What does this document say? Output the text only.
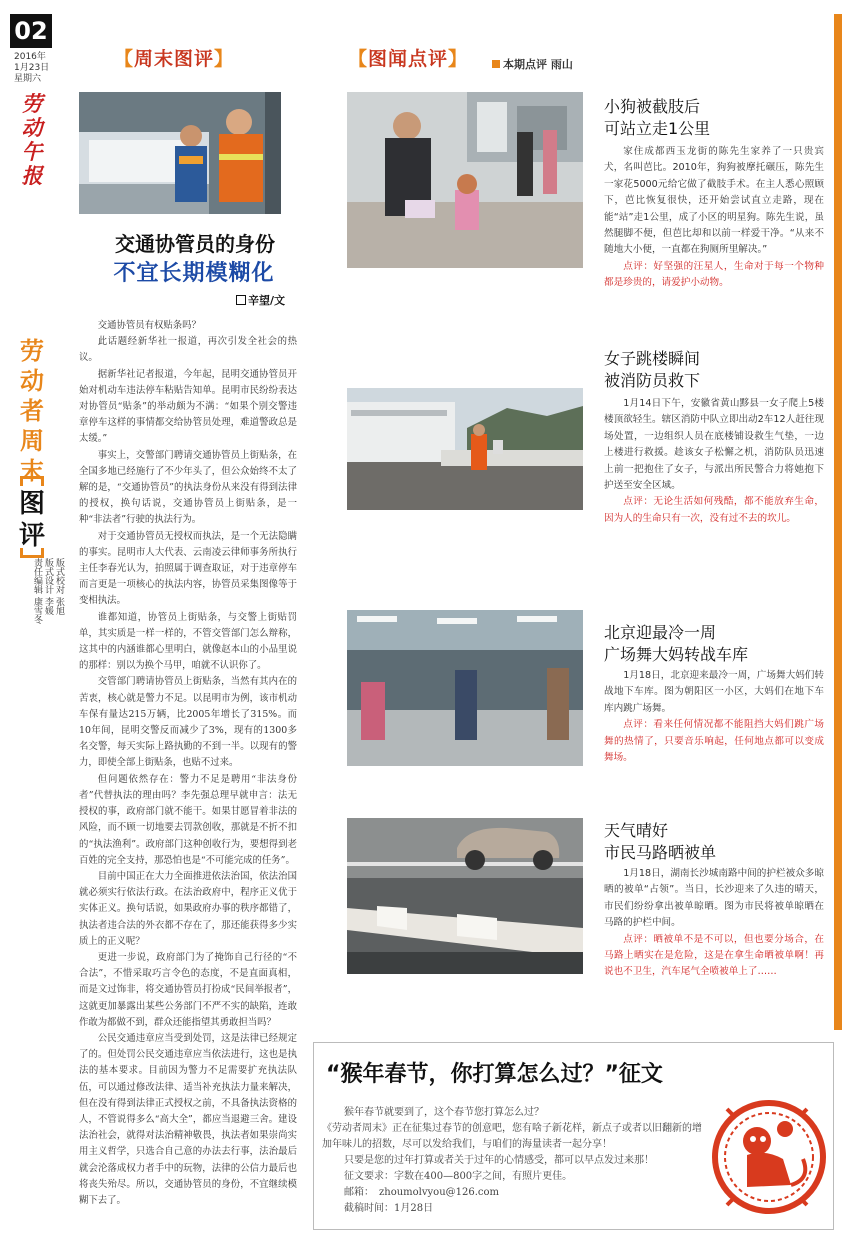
02
2016年
1月23日
星期六
劳
动
午
报
劳
动
者
周
末
图
评
版式校对 张旭
版式设计 李媛
责任编辑 康雪冬
【周末图评】
交通协管员的身份
不宜长期模糊化
辛望/文

交通协管员有权贴条吗？

此话题经新华社一报道，再次引发全社会的热议。

据新华社记者报道，今年起，昆明交通协管员开始对机动车违法停车粘贴告知单。昆明市民纷纷表达对协管员“贴条”的举动颇为不满：“如果个别交警违章停车这样的事情都交给协管员处理，难道警政总是太缓。”

事实上，交警部门聘请交通协管员上街贴条，在全国多地已经施行了不少年头了，但公众始终不太了解的是，“交通协管员”的执法身份从来没有得到法律的授权，换句话说，交通协管员上街贴条，是一种“非法者”行驶的执法行为。

对于交通协管员无授权而执法，是一个无法隐瞒的事实。昆明市人大代表、云南凌云律师事务所执行主任李春光认为，拍照属于调查取证，对于违章停车而言更是一项核心的执法内容，协管员采集图像等于变相执法。

谁都知道，协管员上街贴条，与交警上街贴罚单，其实质是一样一样的，不管交管部门怎么辩称，这其中的内涵谁都心里明白，就像赵本山的小品里说的那样：别以为换个马甲，咱就不认识你了。

交管部门聘请协管员上街贴条，当然有其内在的苦衷，核心就是警力不足。以昆明市为例，该市机动车保有量达215万辆，比2005年增长了315%。而10年间，昆明交警反而减少了3%，现有的1300多名交警，每天实际上路执勤的不到一半。以现有的警力，即使全部上街贴条，也贴不过来。

但问题依然存在：警力不足是聘用“非法身份者”代替执法的理由吗？李先强总理早就申言：法无授权的事，政府部门就不能干。如果甘愿冒着非法的风险，而不顾一切地要去罚款创收，那就是不折不扣的“执法渔利”。政府部门这种创收行为，要想得到老百姓的完全支持，那恐怕也是“不可能完成的任务”。

目前中国正在大力全面推进依法治国，依法治国就必须实行依法行政。在法治政府中，程序正义优于实体正义。换句话说，如果政府办事的秩序都错了，执法者违合法的外衣都不存在了，那还能获得多少实质上的正义呢？

更进一步说，政府部门为了掩饰自己行径的“不合法”，不惜采取巧言令色的态度，不是直面真相，而是文过饰非，将交通协管员打扮成“民间举报者”，这就更加暴露出某些公务部门不严不实的缺陷，连敢作敢为都做不到，群众还能指望其勇敢担当吗？

公民交通违章应当受到处罚，这是法律已经规定了的。但处罚公民交通违章应当依法进行，这也是执法的基本要求。目前因为警力不足需要扩充执法队伍，可以通过修改法律、适当补充执法力量来解决，但在没有得到法律正式授权之前，不具备执法资格的人，不管说得多么“高大全”，都应当退避三舍。建设法治社会，就得对法治精神敬畏，执法者如果崇尚实用主义哲学，只选合自己意的办法去行事，法治最后就会沦落成权力者手中的玩物，法律的公信力最后也将丧失殆尽。所以，交通协管员的身份，不宜继续模糊下去了。

【图闻点评】	本期点评 雨山
小狗被截肢后
可站立走1公里

家住成都西玉龙街的陈先生家养了一只贵宾犬，名叫芭比。2010年，狗狗被摩托碾压，陈先生一家花5000元给它做了截肢手术。在主人悉心照顾下，芭比恢复很快，还开始尝试直立走路，现在能“站”走1公里，成了小区的明星狗。陈先生说，虽然腿脚不便，但芭比却和以前一样爱干净。“从来不随地大小便，一直都在狗厕所里解决。”

点评：好坚强的汪星人，生命对于每一个物种都是珍贵的，请爱护小动物。

女子跳楼瞬间
被消防员救下

1月14日下午，安徽省黄山黟县一女子爬上5楼楼顶欲轻生。辖区消防中队立即出动2车12人赶往现场处置，一边组织人员在底楼铺设救生气垫，一边上楼进行救援。趁该女子松懈之机，消防队员迅速上前一把抱住了女子，与派出所民警合力将她抱下护送至安全区域。

点评：无论生活如何残酷，都不能放弃生命，因为人的生命只有一次，没有过不去的坎儿。

北京迎最冷一周
广场舞大妈转战车库

1月18日，北京迎来最冷一周，广场舞大妈们转战地下车库。图为朝阳区一小区，大妈们在地下车库内跳广场舞。

点评：看来任何情况都不能阻挡大妈们跳广场舞的热情了，只要音乐响起，任何地点都可以变成舞场。

天气晴好
市民马路晒被单

1月18日，湖南长沙城南路中间的护栏被众多晾晒的被单“占领”。当日，长沙迎来了久违的晴天，市民们纷纷拿出被单晾晒。图为市民将被单晾晒在马路的护栏中间。

点评：晒被单不是不可以，但也要分场合，在马路上晒实在是危险，这是在拿生命晒被单啊！再说也不卫生，汽车尾气全喷被单上了……

“猴年春节，你打算怎么过？”征文

猴年春节就要到了，这个春节您打算怎么过？

《劳动者周末》正在征集过春节的创意吧，您有啥子新花样，新点子或者以旧翻新的增加年味儿的招数，尽可以发给我们，与咱们的海量读者一起分享！

只要是您的过年打算或者关于过年的心情感受，都可以早点发过来那！

征文要求：字数在400—800字之间，有照片更佳。

邮箱：　zhoumolvyou@126.com

截稿时间：1月28日
